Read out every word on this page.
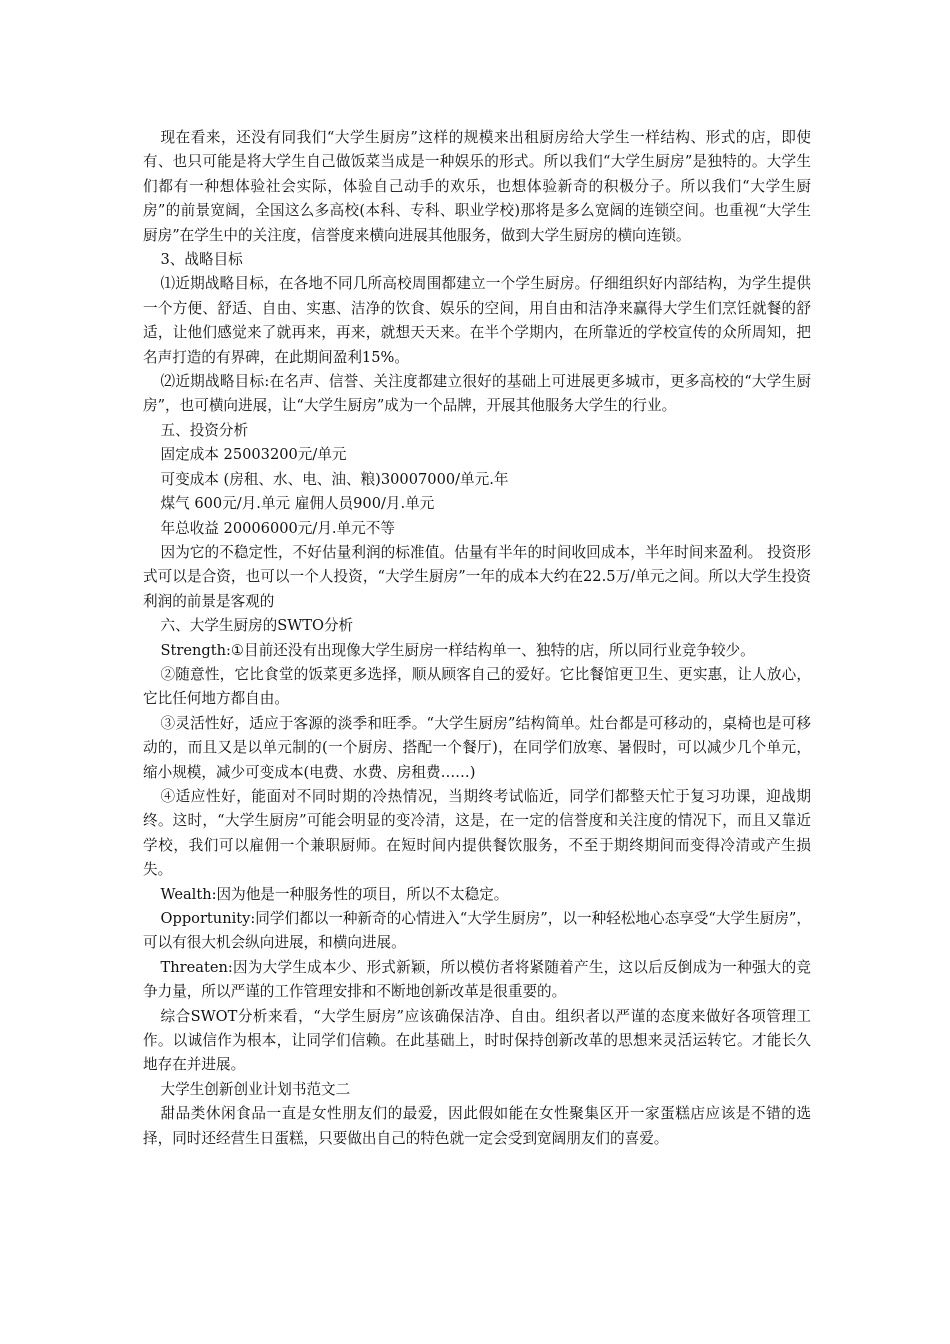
现在看来，还没有同我们“大学生厨房”这样的规模来出租厨房给大学生一样结构、形式的店，即使有、也只可能是将大学生自己做饭菜当成是一种娱乐的形式。所以我们“大学生厨房”是独特的。大学生们都有一种想体验社会实际，体验自己动手的欢乐，也想体验新奇的积极分子。所以我们“大学生厨房”的前景宽阔，全国这么多高校(本科、专科、职业学校)那将是多么宽阔的连锁空间。也重视“大学生厨房”在学生中的关注度，信誉度来横向进展其他服务，做到大学生厨房的横向连锁。

3、战略目标

⑴近期战略目标，在各地不同几所高校周围都建立一个学生厨房。仔细组织好内部结构，为学生提供一个方便、舒适、自由、实惠、洁净的饮食、娱乐的空间，用自由和洁净来赢得大学生们烹饪就餐的舒适，让他们感觉来了就再来，再来，就想天天来。在半个学期内，在所靠近的学校宣传的众所周知，把名声打造的有界碑，在此期间盈利15%。

⑵近期战略目标:在名声、信誉、关注度都建立很好的基础上可进展更多城市，更多高校的“大学生厨房”，也可横向进展，让“大学生厨房”成为一个品牌，开展其他服务大学生的行业。

五、投资分析

固定成本 25003200元/单元

可变成本 (房租、水、电、油、粮)30007000/单元.年

煤气 600元/月.单元 雇佣人员900/月.单元

年总收益 20006000元/月.单元不等

因为它的不稳定性，不好估量利润的标准值。估量有半年的时间收回成本，半年时间来盈利。 投资形式可以是合资，也可以一个人投资，“大学生厨房”一年的成本大约在22.5万/单元之间。所以大学生投资利润的前景是客观的

六、大学生厨房的SWTO分析

Strength:①目前还没有出现像大学生厨房一样结构单一、独特的店，所以同行业竞争较少。

②随意性，它比食堂的饭菜更多选择，顺从顾客自己的爱好。它比餐馆更卫生、更实惠，让人放心，它比任何地方都自由。

③灵活性好，适应于客源的淡季和旺季。“大学生厨房”结构简单。灶台都是可移动的，桌椅也是可移动的，而且又是以单元制的(一个厨房、搭配一个餐厅)，在同学们放寒、暑假时，可以减少几个单元，缩小规模，减少可变成本(电费、水费、房租费……)

④适应性好，能面对不同时期的冷热情况，当期终考试临近，同学们都整天忙于复习功课，迎战期终。这时，“大学生厨房”可能会明显的变冷清，这是，在一定的信誉度和关注度的情况下，而且又靠近学校，我们可以雇佣一个兼职厨师。在短时间内提供餐饮服务，不至于期终期间而变得冷清或产生损失。

Wealth:因为他是一种服务性的项目，所以不太稳定。

Opportunity:同学们都以一种新奇的心情进入“大学生厨房”，以一种轻松地心态享受“大学生厨房”，可以有很大机会纵向进展，和横向进展。

Threaten:因为大学生成本少、形式新颖，所以模仿者将紧随着产生，这以后反倒成为一种强大的竞争力量，所以严谨的工作管理安排和不断地创新改革是很重要的。

综合SWOT分析来看，“大学生厨房”应该确保洁净、自由。组织者以严谨的态度来做好各项管理工作。以诚信作为根本，让同学们信赖。在此基础上，时时保持创新改革的思想来灵活运转它。才能长久地存在并进展。

大学生创新创业计划书范文二

甜品类休闲食品一直是女性朋友们的最爱，因此假如能在女性聚集区开一家蛋糕店应该是不错的选择，同时还经营生日蛋糕，只要做出自己的特色就一定会受到宽阔朋友们的喜爱。
